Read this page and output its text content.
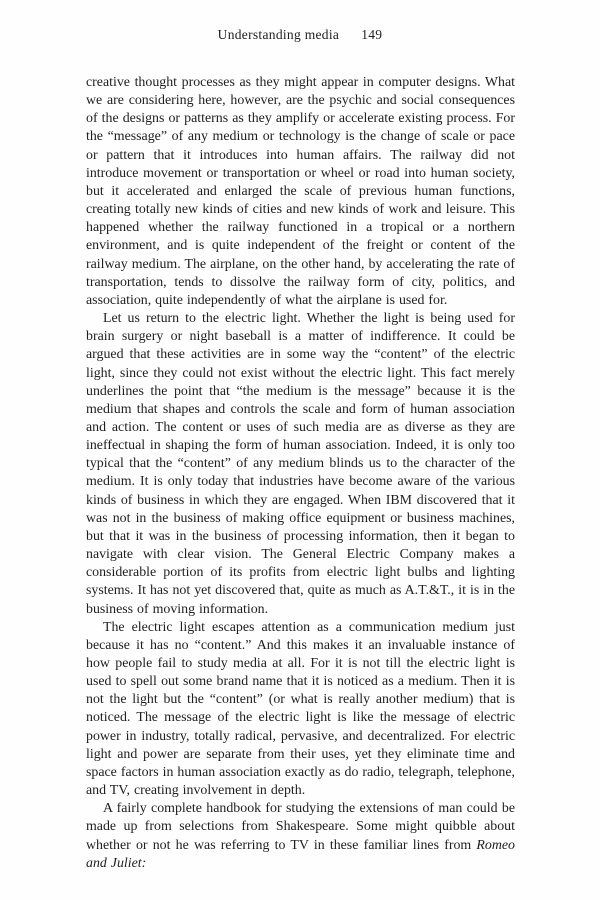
Understanding media 149

creative thought processes as they might appear in computer designs. What we are considering here, however, are the psychic and social consequences of the designs or patterns as they amplify or accelerate existing process. For the “message” of any medium or technology is the change of scale or pace or pattern that it introduces into human affairs. The railway did not introduce movement or transportation or wheel or road into human society, but it accelerated and enlarged the scale of previous human functions, creating totally new kinds of cities and new kinds of work and leisure. This happened whether the railway functioned in a tropical or a northern environment, and is quite independent of the freight or content of the railway medium. The airplane, on the other hand, by accelerating the rate of transportation, tends to dissolve the railway form of city, politics, and association, quite independently of what the airplane is used for.

Let us return to the electric light. Whether the light is being used for brain surgery or night baseball is a matter of indifference. It could be argued that these activities are in some way the “content” of the electric light, since they could not exist without the electric light. This fact merely underlines the point that “the medium is the message” because it is the medium that shapes and controls the scale and form of human association and action. The content or uses of such media are as diverse as they are ineffectual in shaping the form of human association. Indeed, it is only too typical that the “content” of any medium blinds us to the character of the medium. It is only today that industries have become aware of the various kinds of business in which they are engaged. When IBM discovered that it was not in the business of making office equipment or business machines, but that it was in the business of processing information, then it began to navigate with clear vision. The General Electric Company makes a considerable portion of its profits from electric light bulbs and lighting systems. It has not yet discovered that, quite as much as A.T.&T., it is in the business of moving information.

The electric light escapes attention as a communication medium just because it has no “content.” And this makes it an invaluable instance of how people fail to study media at all. For it is not till the electric light is used to spell out some brand name that it is noticed as a medium. Then it is not the light but the “content” (or what is really another medium) that is noticed. The message of the electric light is like the message of electric power in industry, totally radical, pervasive, and decentralized. For electric light and power are separate from their uses, yet they eliminate time and space factors in human association exactly as do radio, telegraph, telephone, and TV, creating involvement in depth.

A fairly complete handbook for studying the extensions of man could be made up from selections from Shakespeare. Some might quibble about whether or not he was referring to TV in these familiar lines from Romeo and Juliet:
